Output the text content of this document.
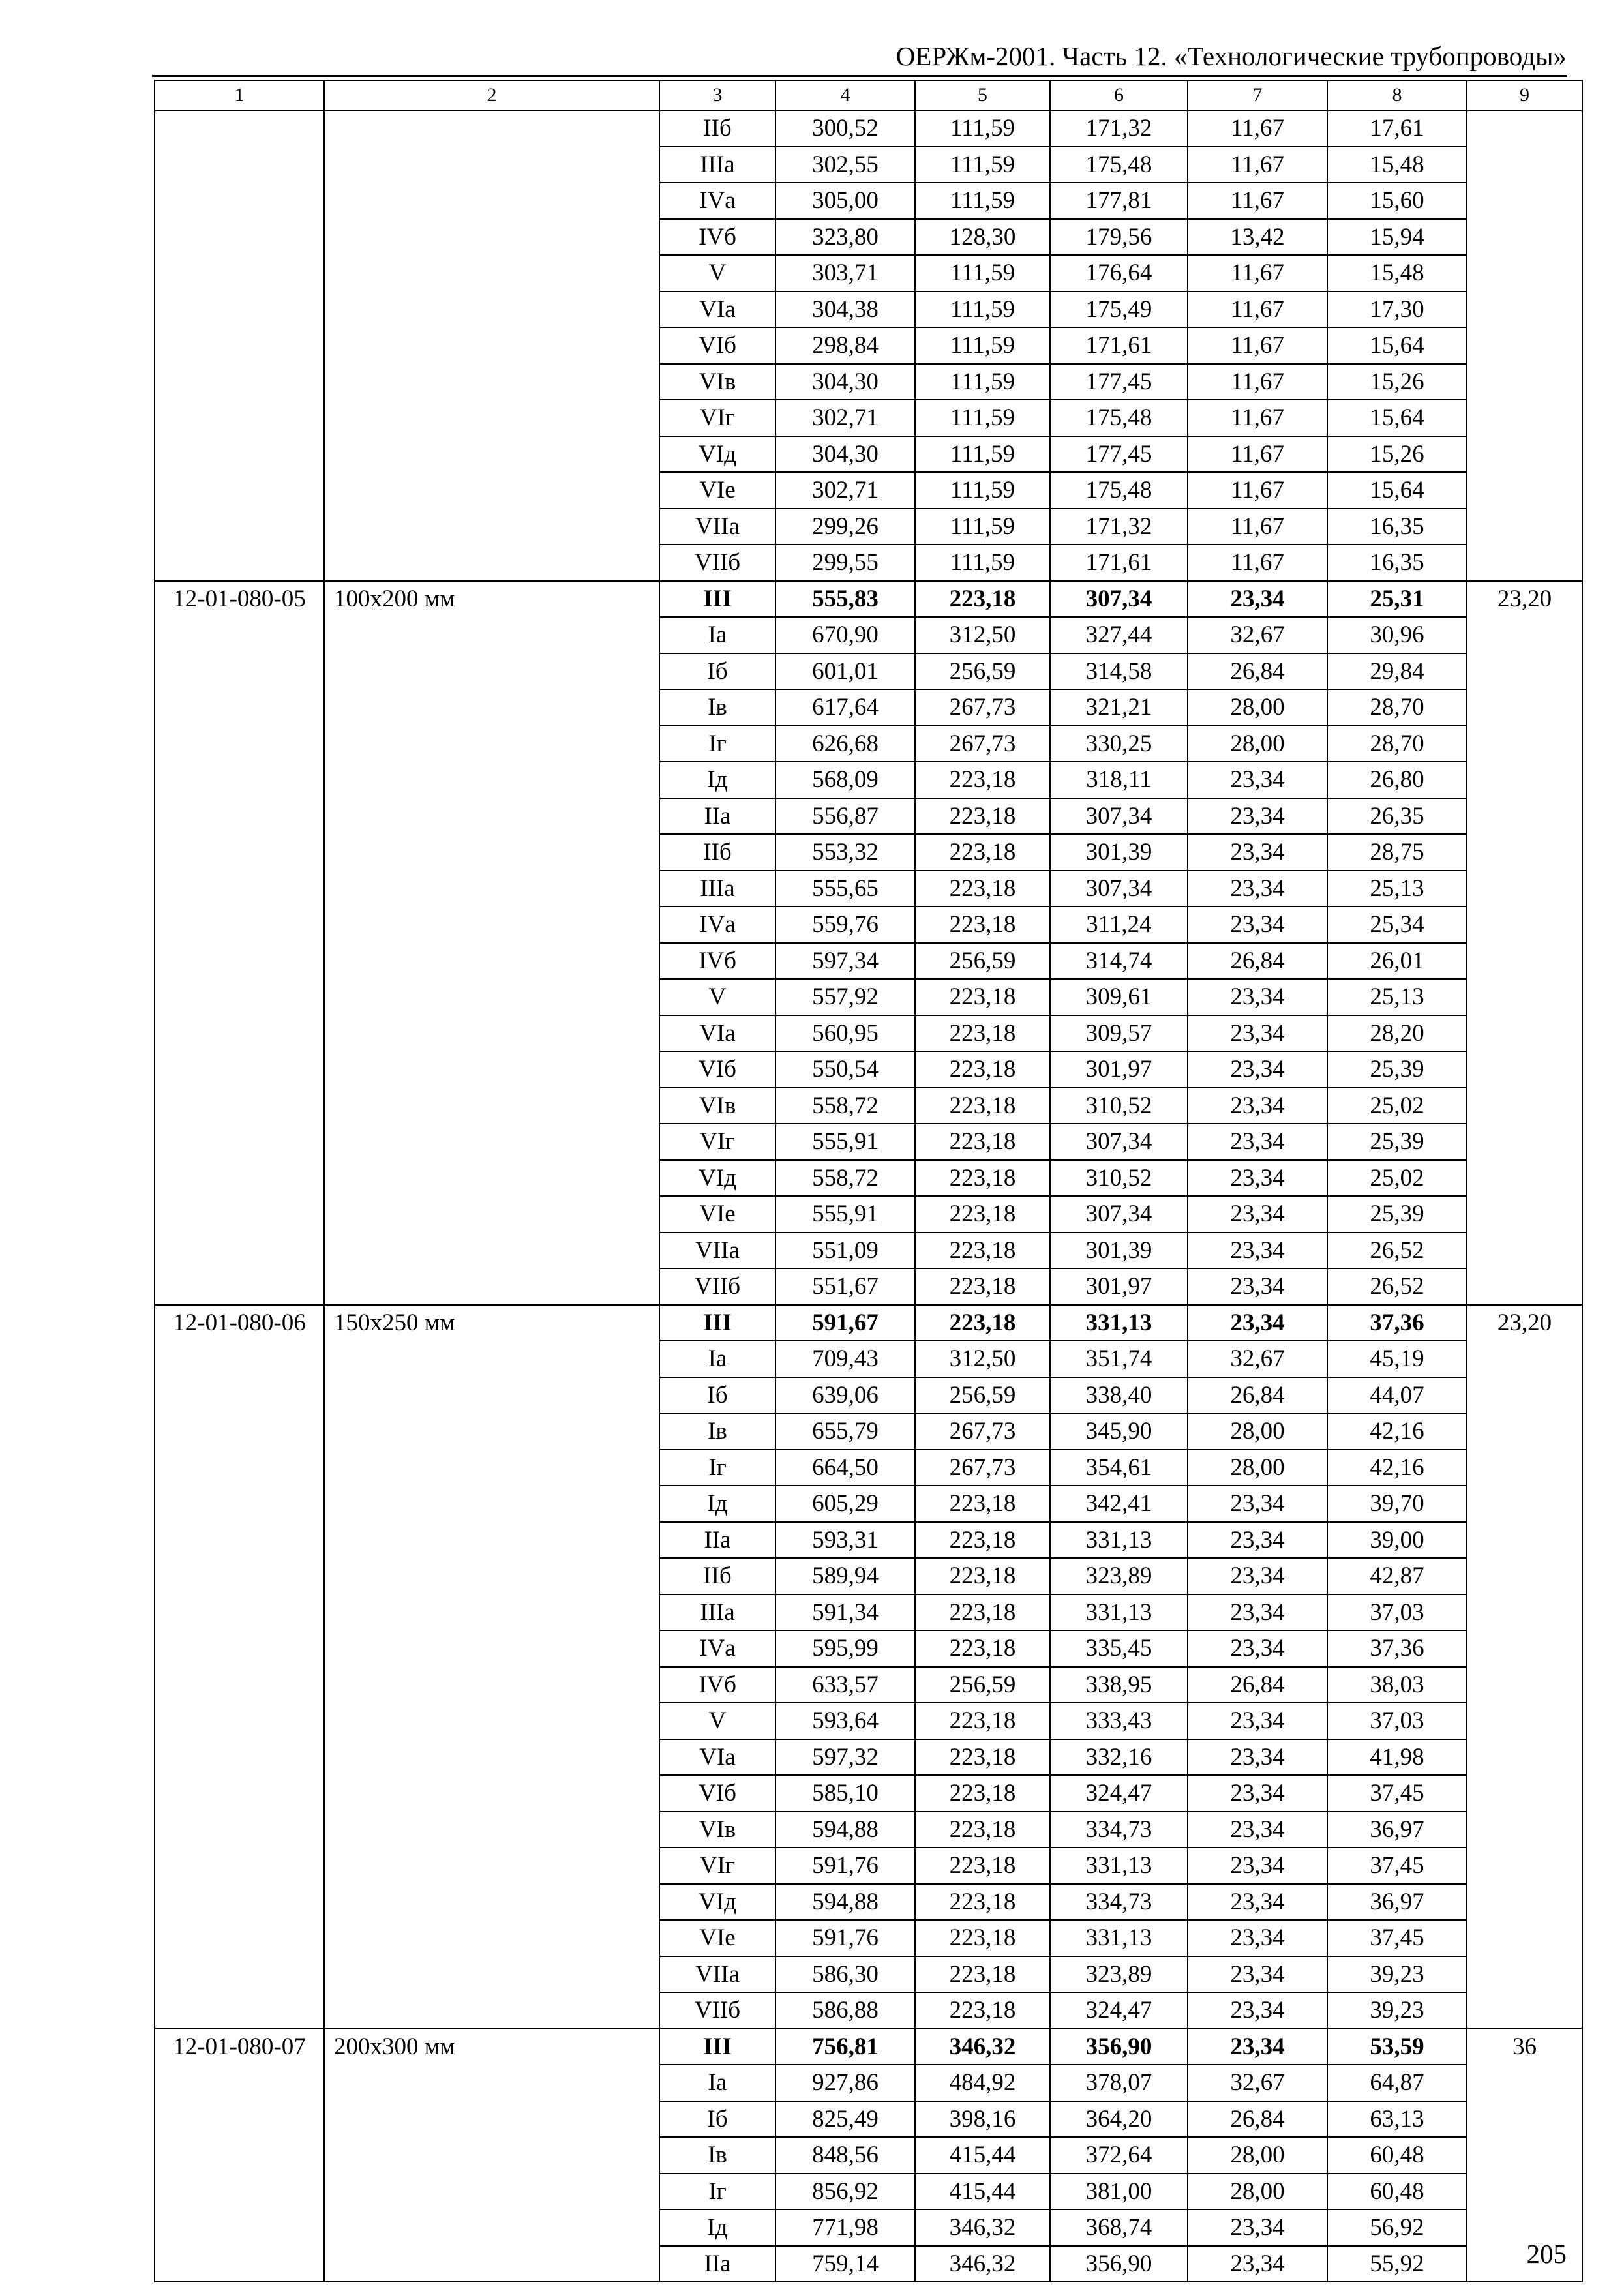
ОЕРЖм-2001. Часть 12. «Технологические трубопроводы»
1	2	3	4	5	6	7	8	9
		IIб	300,52	111,59	171,32	11,67	17,61	
		IIIа	302,55	111,59	175,48	11,67	15,48	
		IVа	305,00	111,59	177,81	11,67	15,60	
		IVб	323,80	128,30	179,56	13,42	15,94	
		V	303,71	111,59	176,64	11,67	15,48	
		VIа	304,38	111,59	175,49	11,67	17,30	
		VIб	298,84	111,59	171,61	11,67	15,64	
		VIв	304,30	111,59	177,45	11,67	15,26	
		VIг	302,71	111,59	175,48	11,67	15,64	
		VIд	304,30	111,59	177,45	11,67	15,26	
		VIе	302,71	111,59	175,48	11,67	15,64	
		VIIа	299,26	111,59	171,32	11,67	16,35	
		VIIб	299,55	111,59	171,61	11,67	16,35	
12-01-080-05	100х200 мм	III	555,83	223,18	307,34	23,34	25,31	23,20
		Iа	670,90	312,50	327,44	32,67	30,96	
		Iб	601,01	256,59	314,58	26,84	29,84	
		Iв	617,64	267,73	321,21	28,00	28,70	
		Iг	626,68	267,73	330,25	28,00	28,70	
		Iд	568,09	223,18	318,11	23,34	26,80	
		IIа	556,87	223,18	307,34	23,34	26,35	
		IIб	553,32	223,18	301,39	23,34	28,75	
		IIIа	555,65	223,18	307,34	23,34	25,13	
		IVа	559,76	223,18	311,24	23,34	25,34	
		IVб	597,34	256,59	314,74	26,84	26,01	
		V	557,92	223,18	309,61	23,34	25,13	
		VIа	560,95	223,18	309,57	23,34	28,20	
		VIб	550,54	223,18	301,97	23,34	25,39	
		VIв	558,72	223,18	310,52	23,34	25,02	
		VIг	555,91	223,18	307,34	23,34	25,39	
		VIд	558,72	223,18	310,52	23,34	25,02	
		VIе	555,91	223,18	307,34	23,34	25,39	
		VIIа	551,09	223,18	301,39	23,34	26,52	
		VIIб	551,67	223,18	301,97	23,34	26,52	
12-01-080-06	150х250 мм	III	591,67	223,18	331,13	23,34	37,36	23,20
		Iа	709,43	312,50	351,74	32,67	45,19	
		Iб	639,06	256,59	338,40	26,84	44,07	
		Iв	655,79	267,73	345,90	28,00	42,16	
		Iг	664,50	267,73	354,61	28,00	42,16	
		Iд	605,29	223,18	342,41	23,34	39,70	
		IIа	593,31	223,18	331,13	23,34	39,00	
		IIб	589,94	223,18	323,89	23,34	42,87	
		IIIа	591,34	223,18	331,13	23,34	37,03	
		IVа	595,99	223,18	335,45	23,34	37,36	
		IVб	633,57	256,59	338,95	26,84	38,03	
		V	593,64	223,18	333,43	23,34	37,03	
		VIа	597,32	223,18	332,16	23,34	41,98	
		VIб	585,10	223,18	324,47	23,34	37,45	
		VIв	594,88	223,18	334,73	23,34	36,97	
		VIг	591,76	223,18	331,13	23,34	37,45	
		VIд	594,88	223,18	334,73	23,34	36,97	
		VIе	591,76	223,18	331,13	23,34	37,45	
		VIIа	586,30	223,18	323,89	23,34	39,23	
		VIIб	586,88	223,18	324,47	23,34	39,23	
12-01-080-07	200х300 мм	III	756,81	346,32	356,90	23,34	53,59	36
		Iа	927,86	484,92	378,07	32,67	64,87	
		Iб	825,49	398,16	364,20	26,84	63,13	
		Iв	848,56	415,44	372,64	28,00	60,48	
		Iг	856,92	415,44	381,00	28,00	60,48	
		Iд	771,98	346,32	368,74	23,34	56,92	
		IIа	759,14	346,32	356,90	23,34	55,92		205
